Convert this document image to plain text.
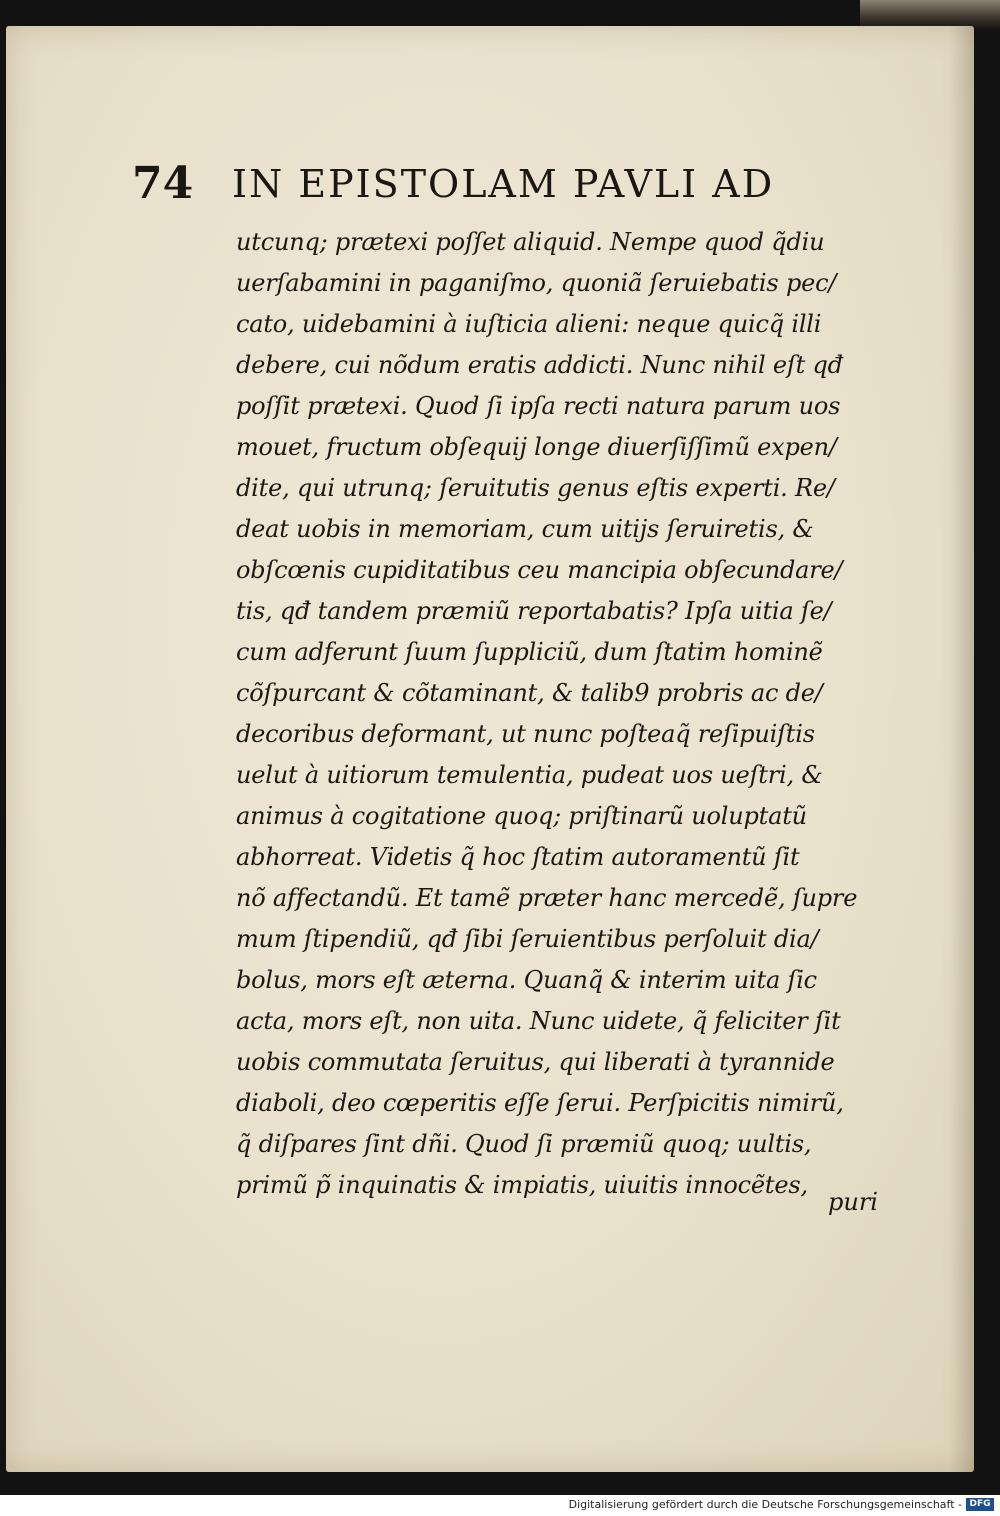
74 IN EPISTOLAM PAVLI AD
utcunq; prætexi poſſet aliquid. Nempe quod q̃diu
uerſabamini in paganiſmo, quoniã ſeruiebatis pec/
cato, uidebamini à iuſticia alieni: neque quicq̃ illi
debere, cui nõdum eratis addicti. Nunc nihil eſt qđ
poſſit prætexi. Quod ſi ipſa recti natura parum uos
mouet, fructum obſequij longe diuerſiſſimũ expen/
dite, qui utrunq; ſeruitutis genus eſtis experti. Re/
deat uobis in memoriam, cum uitijs ſeruiretis, &
obſcœnis cupiditatibus ceu mancipia obſecundare/
tis, qđ tandem præmiũ reportabatis? Ipſa uitia ſe/
cum adferunt ſuum ſuppliciũ, dum ſtatim hominẽ
cõſpurcant & cõtaminant, & talib9 probris ac de/
decoribus deformant, ut nunc poſteaq̃ reſipuiſtis
uelut à uitiorum temulentia, pudeat uos ueſtri, &
animus à cogitatione quoq; priſtinarũ uoluptatũ
abhorreat. Videtis q̃ hoc ſtatim autoramentũ ſit
nõ affectandũ. Et tamẽ præter hanc mercedẽ, ſupre
mum ſtipendiũ, qđ ſibi ſeruientibus perſoluit dia/
bolus, mors eſt æterna. Quanq̃ & interim uita ſic
acta, mors eſt, non uita. Nunc uidete, q̃ feliciter ſit
uobis commutata ſeruitus, qui liberati à tyrannide
diaboli, deo cœperitis eſſe ſerui. Perſpicitis nimirũ,
q̃ diſpares ſint dñi. Quod ſi præmiũ quoq; uultis,
primũ p̃ inquinatis & impiatis, uiuitis innocẽtes,
puri
Digitalisierung gefördert durch die Deutsche Forschungsgemeinschaft - DFG
